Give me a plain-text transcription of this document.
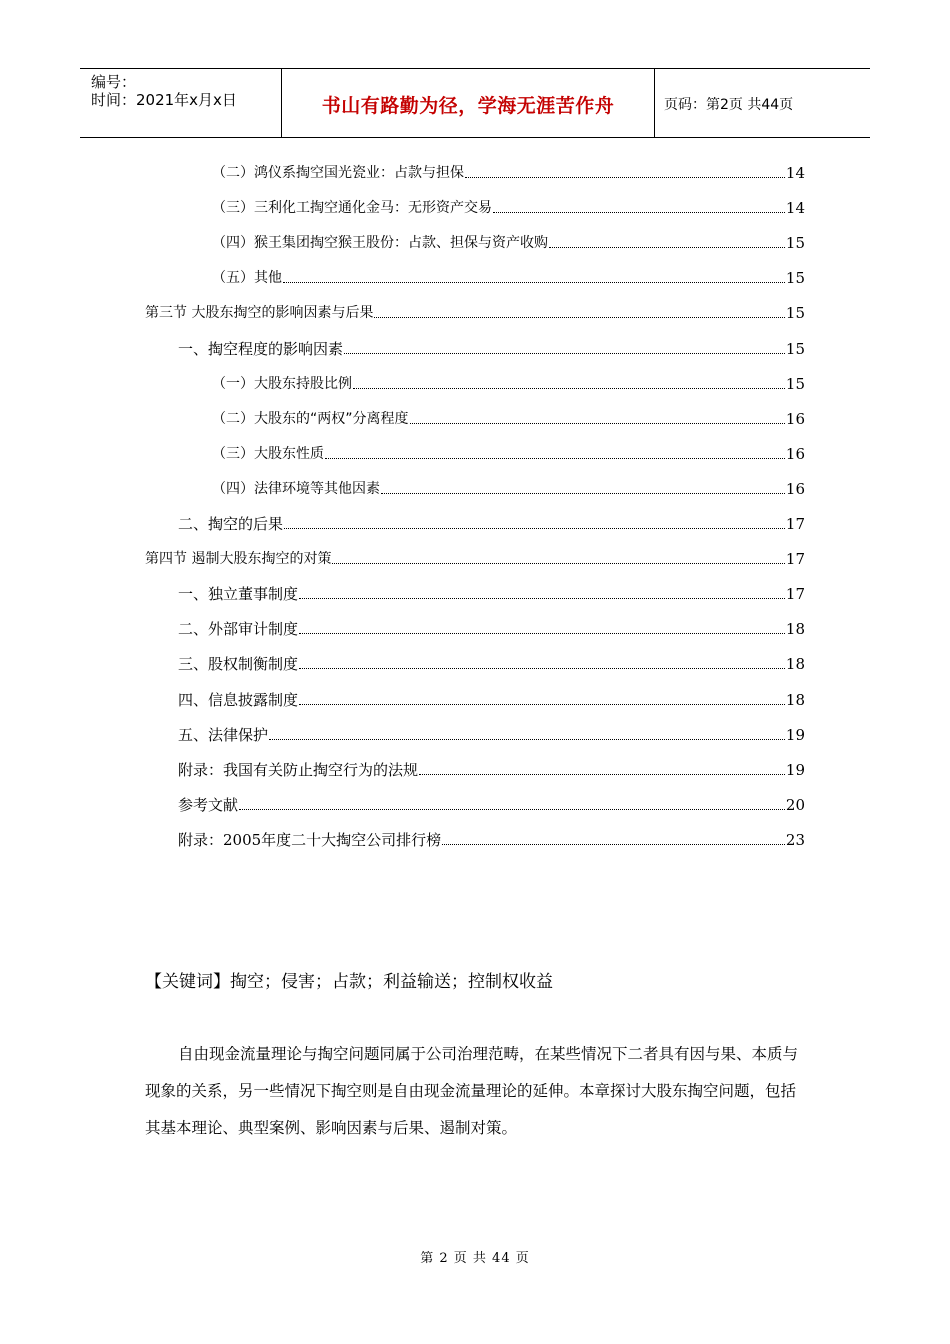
编号：
时间：2021年x月x日	书山有路勤为径，学海无涯苦作舟	页码：第2页 共44页
（二）鸿仪系掏空国光瓷业：占款与担保	14
（三）三利化工掏空通化金马：无形资产交易	14
（四）猴王集团掏空猴王股份：占款、担保与资产收购	15
（五）其他	15
第三节 大股东掏空的影响因素与后果	15
一、掏空程度的影响因素	15
（一）大股东持股比例	15
（二）大股东的“两权”分离程度	16
（三）大股东性质	16
（四）法律环境等其他因素	16
二、掏空的后果	17
第四节 遏制大股东掏空的对策	17
一、独立董事制度	17
二、外部审计制度	18
三、股权制衡制度	18
四、信息披露制度	18
五、法律保护	19
附录：我国有关防止掏空行为的法规	19
参考文献	20
附录：2005年度二十大掏空公司排行榜	23
【关键词】掏空；侵害；占款；利益输送；控制权收益
自由现金流量理论与掏空问题同属于公司治理范畴，在某些情况下二者具有因与果、本质与现象的关系，另一些情况下掏空则是自由现金流量理论的延伸。本章探讨大股东掏空问题，包括其基本理论、典型案例、影响因素与后果、遏制对策。
第 2 页 共 44 页
